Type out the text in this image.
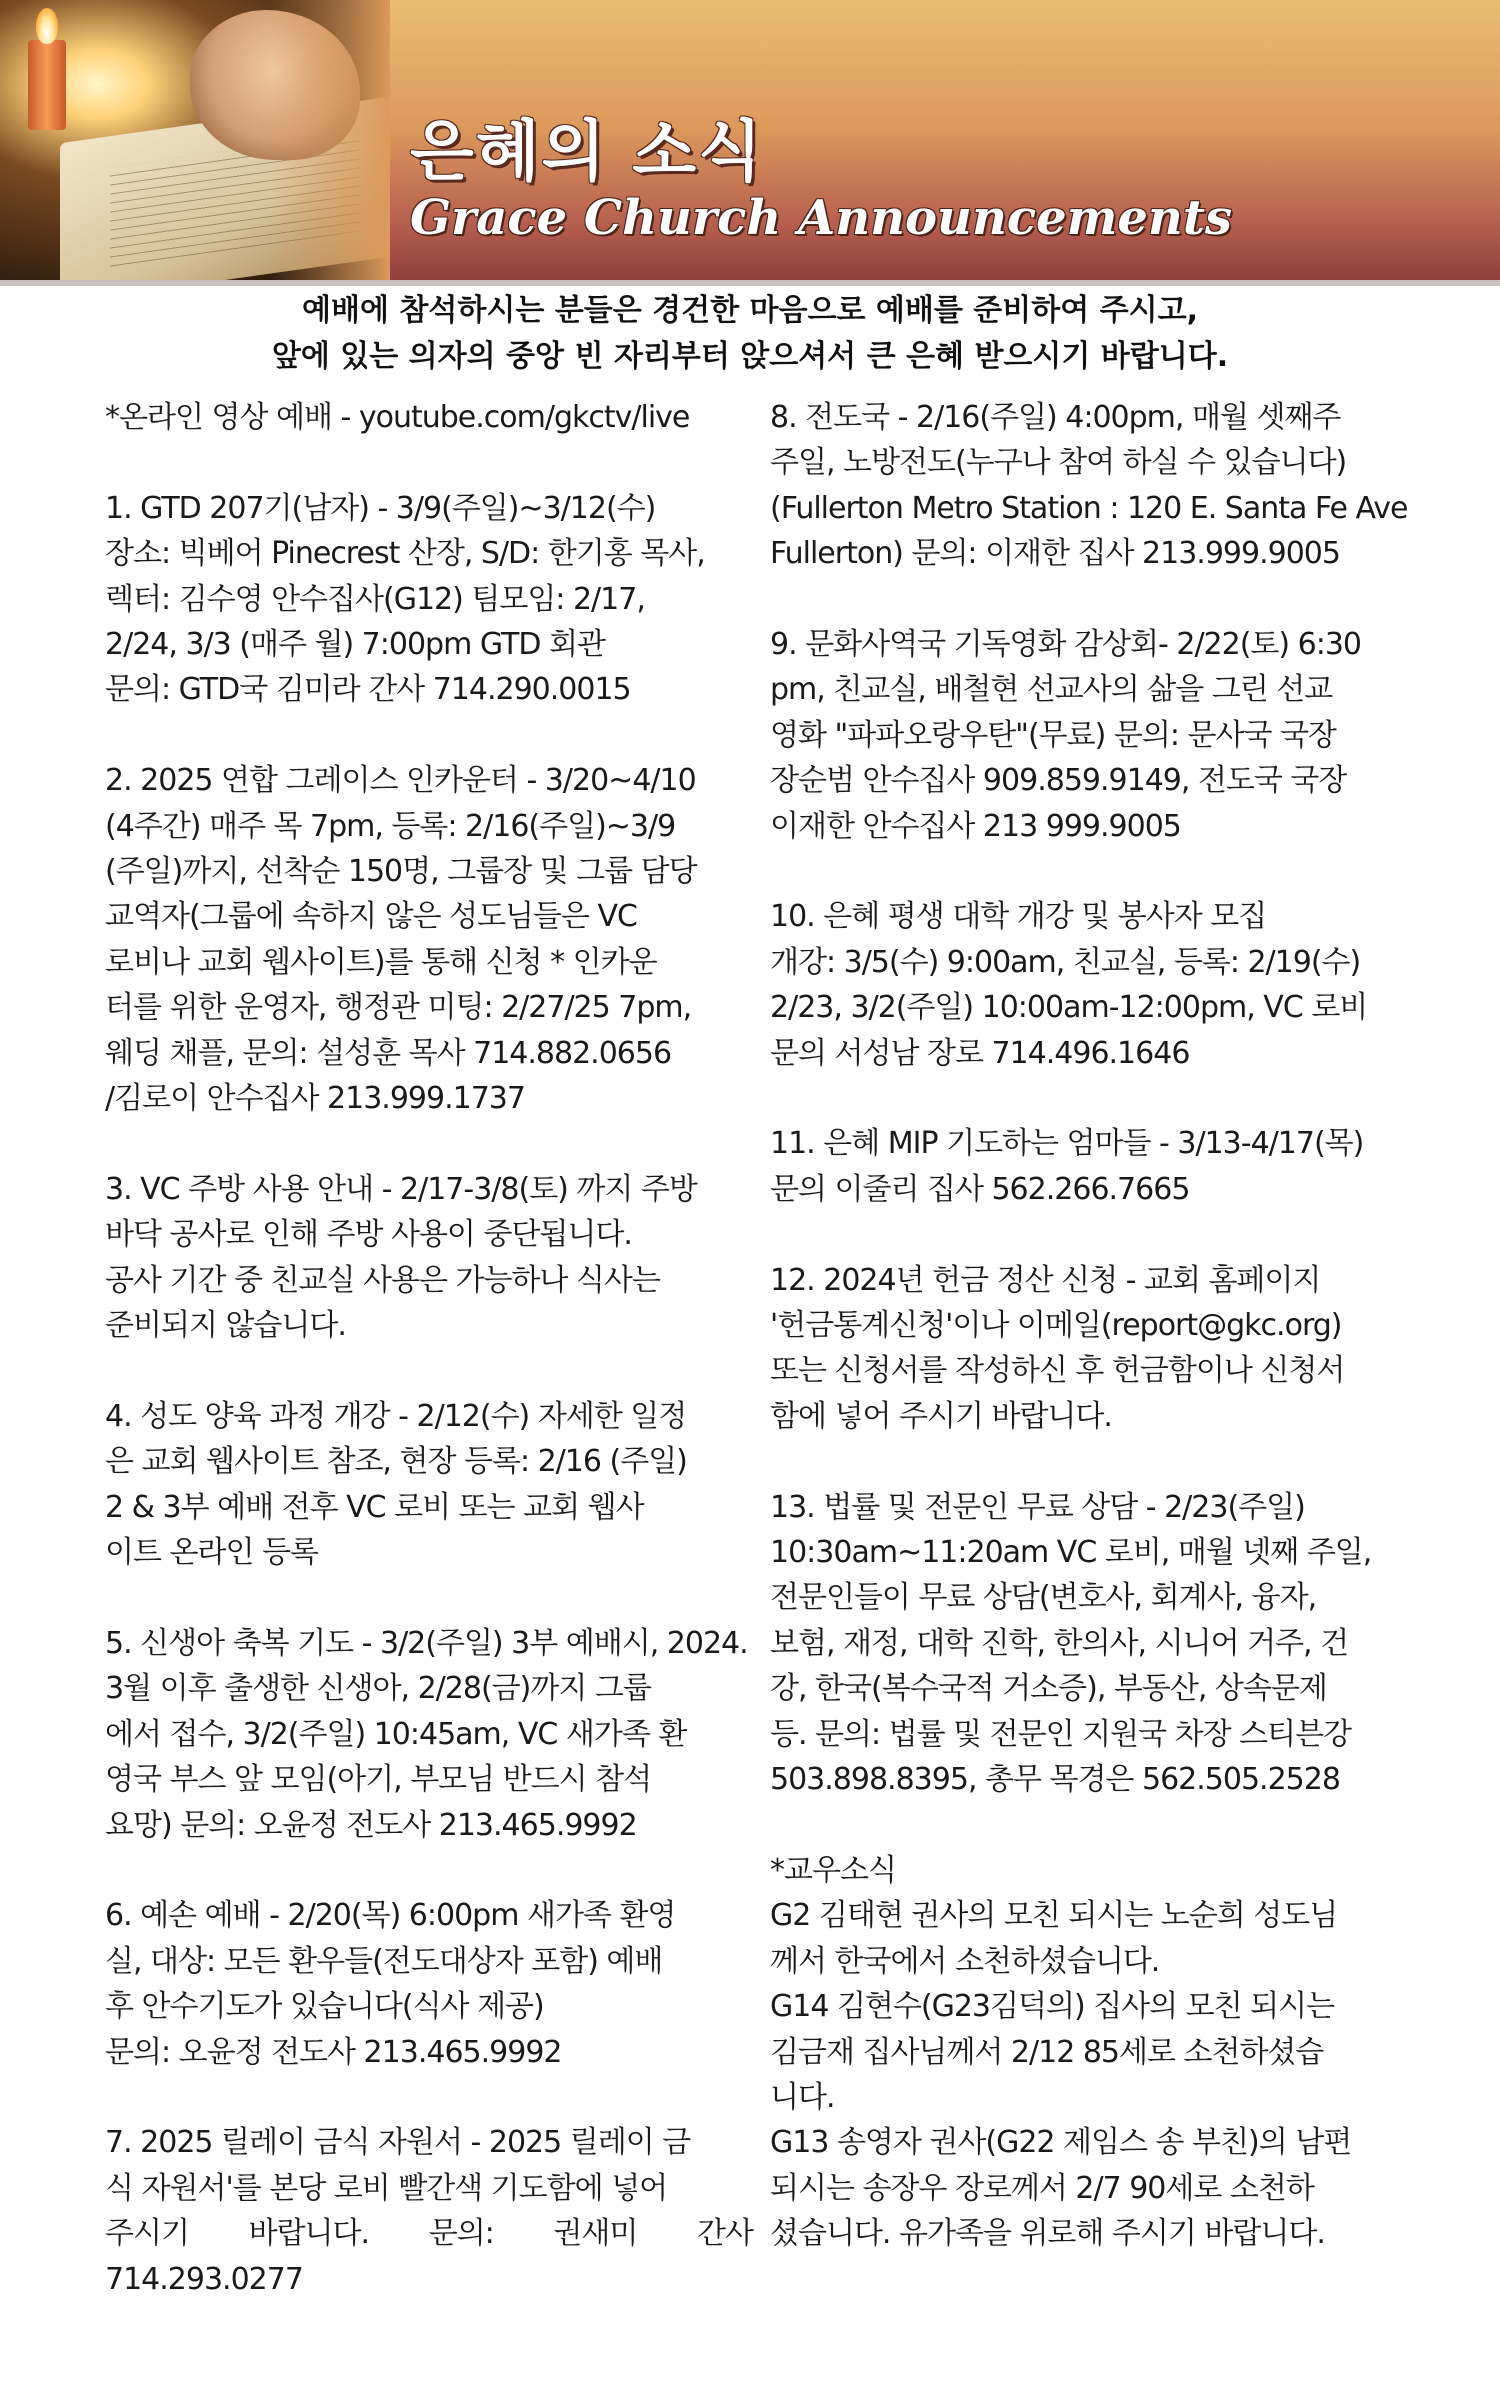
은혜의 소식
Grace Church Announcements
예배에 참석하시는 분들은 경건한 마음으로 예배를 준비하여 주시고,
앞에 있는 의자의 중앙 빈 자리부터 앉으셔서 큰 은혜 받으시기 바랍니다.

*온라인 영상 예배 - youtube.com/gkctv/live

1. GTD 207기(남자) - 3/9(주일)~3/12(수)
장소: 빅베어 Pinecrest 산장, S/D: 한기홍 목사,
렉터: 김수영 안수집사(G12) 팀모임: 2/17,
2/24, 3/3 (매주 월) 7:00pm GTD 회관
문의: GTD국 김미라 간사 714.290.0015

2. 2025 연합 그레이스 인카운터 - 3/20~4/10
(4주간) 매주 목 7pm, 등록: 2/16(주일)~3/9
(주일)까지, 선착순 150명, 그룹장 및 그룹 담당
교역자(그룹에 속하지 않은 성도님들은 VC
로비나 교회 웹사이트)를 통해 신청 * 인카운
터를 위한 운영자, 행정관 미팅: 2/27/25 7pm,
웨딩 채플, 문의: 설성훈 목사 714.882.0656
/김로이 안수집사 213.999.1737

3. VC 주방 사용 안내 - 2/17-3/8(토) 까지 주방
바닥 공사로 인해 주방 사용이 중단됩니다.
공사 기간 중 친교실 사용은 가능하나 식사는
준비되지 않습니다.

4. 성도 양육 과정 개강 - 2/12(수) 자세한 일정
은 교회 웹사이트 참조, 현장 등록: 2/16 (주일)
2 & 3부 예배 전후 VC 로비 또는 교회 웹사
이트 온라인 등록

5. 신생아 축복 기도 - 3/2(주일) 3부 예배시, 2024.
3월 이후 출생한 신생아, 2/28(금)까지 그룹
에서 접수, 3/2(주일) 10:45am, VC 새가족 환
영국 부스 앞 모임(아기, 부모님 반드시 참석
요망) 문의: 오윤정 전도사 213.465.9992

6. 예손 예배 - 2/20(목) 6:00pm 새가족 환영
실, 대상: 모든 환우들(전도대상자 포함) 예배
후 안수기도가 있습니다(식사 제공)
문의: 오윤정 전도사 213.465.9992

7. 2025 릴레이 금식 자원서 - 2025 릴레이 금
식 자원서'를 본당 로비 빨간색 기도함에 넣어
주시기 바랍니다. 문의: 권새미 간사 714.293.0277

8. 전도국 - 2/16(주일) 4:00pm, 매월 셋째주
주일, 노방전도(누구나 참여 하실 수 있습니다)
(Fullerton Metro Station : 120 E. Santa Fe Ave
Fullerton) 문의: 이재한 집사 213.999.9005

9. 문화사역국 기독영화 감상회- 2/22(토) 6:30
pm, 친교실, 배철현 선교사의 삶을 그린 선교
영화 "파파오랑우탄"(무료) 문의: 문사국 국장
장순범 안수집사 909.859.9149, 전도국 국장
이재한 안수집사 213 999.9005

10. 은혜 평생 대학 개강 및 봉사자 모집
개강: 3/5(수) 9:00am, 친교실, 등록: 2/19(수)
2/23, 3/2(주일) 10:00am-12:00pm, VC 로비
문의 서성남 장로 714.496.1646

11. 은혜 MIP 기도하는 엄마들 - 3/13-4/17(목)
문의 이줄리 집사 562.266.7665

12. 2024년 헌금 정산 신청 - 교회 홈페이지
'헌금통계신청'이나 이메일(report@gkc.org)
또는 신청서를 작성하신 후 헌금함이나 신청서
함에 넣어 주시기 바랍니다.

13. 법률 및 전문인 무료 상담 - 2/23(주일)
10:30am~11:20am VC 로비, 매월 넷째 주일,
전문인들이 무료 상담(변호사, 회계사, 융자,
보험, 재정, 대학 진학, 한의사, 시니어 거주, 건
강, 한국(복수국적 거소증), 부동산, 상속문제
등. 문의: 법률 및 전문인 지원국 차장 스티븐강
503.898.8395, 총무 목경은 562.505.2528

*교우소식

G2 김태현 권사의 모친 되시는 노순희 성도님
께서 한국에서 소천하셨습니다.

G14 김현수(G23김덕의) 집사의 모친 되시는
김금재 집사님께서 2/12 85세로 소천하셨습
니다.

G13 송영자 권사(G22 제임스 송 부친)의 남편
되시는 송장우 장로께서 2/7 90세로 소천하
셨습니다. 유가족을 위로해 주시기 바랍니다.
